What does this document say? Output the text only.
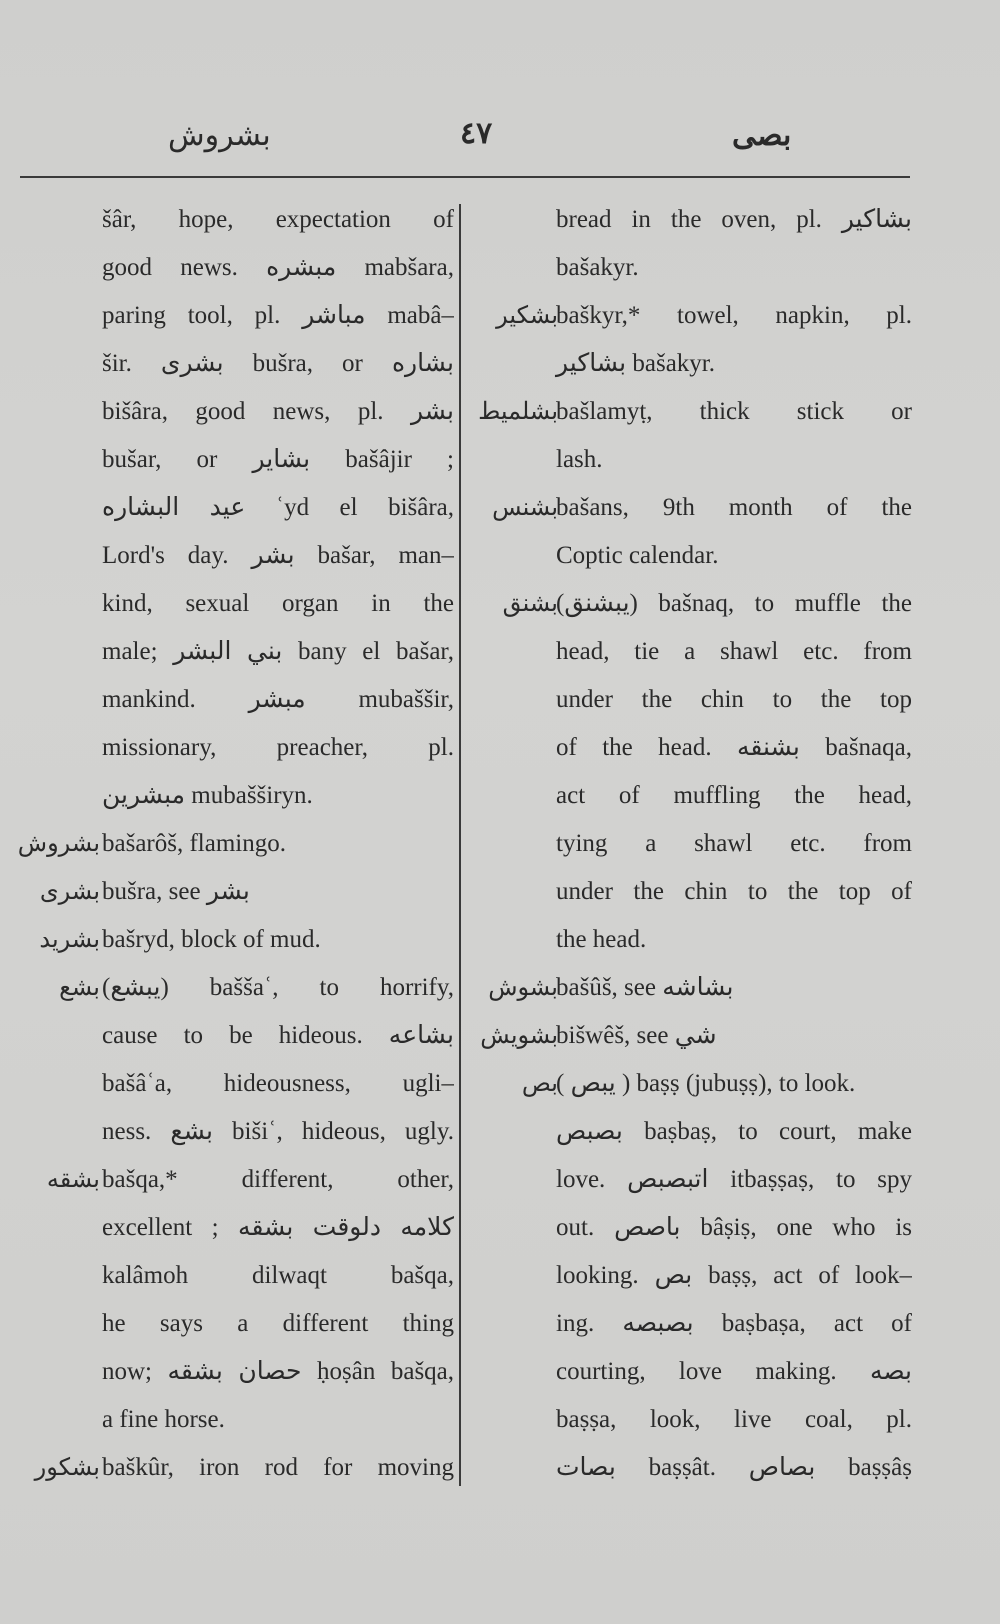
بشروش	٤٧	بصى
šâr, hope, expectation of
good news. مبشره mabšara,
paring tool, pl. مباشر mabâ–
šir. بشرى bušra, or بشاره
bišâra, good news, pl. بشر
bušar, or بشاير bašâjir ;
عيد البشاره ʿyd el bišâra,
Lord's day. بشر bašar, man–
kind, sexual organ in the
male; بني البشر bany el bašar,
mankind. مبشر mubaššir,
missionary, preacher, pl.
مبشرين mubašširyn.
بشروش bašarôš, flamingo.
بشرى bušra, see بشر
بشريد bašryd, block of mud.
بشع (يبشع) baššaʿ, to horrify,
cause to be hideous. بشاعه
bašâʿa, hideousness, ugli–
ness. بشع bišiʿ, hideous, ugly.
بشقه bašqa,* different, other,
excellent ; كلامه دلوقت بشقه
kalâmoh dilwaqt bašqa,
he says a different thing
now; حصان بشقه ḥoṣân bašqa,
a fine horse.
بشكور baškûr, iron rod for moving
bread in the oven, pl. بشاكير
bašakyr.
بشكير
baškyr,* towel, napkin, pl.
بشاكير bašakyr.
بشلميط
bašlamyṭ, thick stick or
lash.
بشنس
bašans, 9th month of the
Coptic calendar.
بشنق
(يبشنق) bašnaq, to muffle the
head, tie a shawl etc. from
under the chin to the top
of the head. بشنقه bašnaqa,
act of muffling the head,
tying a shawl etc. from
under the chin to the top of
the head.
بشوش
bašûš, see بشاشه
بشويش
bišwêš, see شي
بص
( يبص ) baṣṣ (jubuṣṣ), to look.
بصبص baṣbaṣ, to court, make
love. اتبصبص itbaṣṣaṣ, to spy
out. باصص bâṣiṣ, one who is
looking. بص baṣṣ, act of look–
ing. بصبصه baṣbaṣa, act of
courting, love making. بصه
baṣṣa, look, live coal, pl.
بصات baṣṣât. بصاص baṣṣâṣ
